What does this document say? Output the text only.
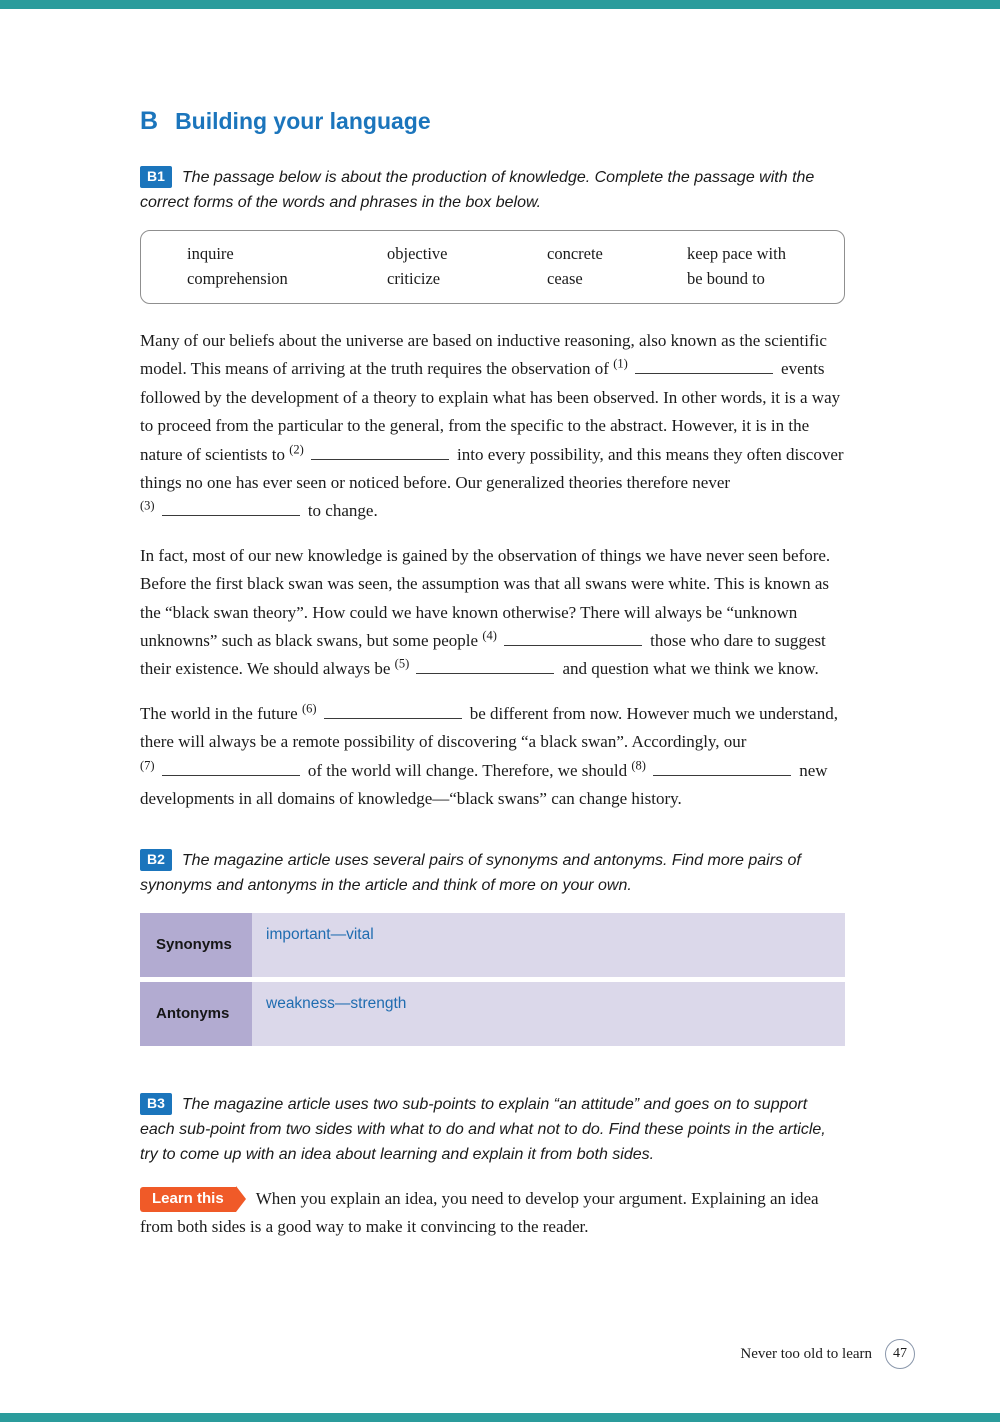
B Building your language

B1 The passage below is about the production of knowledge. Complete the passage with the correct forms of the words and phrases in the box below.

inquire	objective	concrete	keep pace with
comprehension	criticize	cease	be bound to

Many of our beliefs about the universe are based on inductive reasoning, also known as the scientific model. This means of arriving at the truth requires the observation of $^{(1)}$	events followed by the development of a theory to explain what has been observed. In other words, it is a way to proceed from the particular to the general, from the specific to the abstract. However, it is in the nature of scientists to $^{(2)}$	into every possibility, and this means they often discover things no one has ever seen or noticed before. Our generalized theories therefore never $^{(3)}$	to change.

In fact, most of our new knowledge is gained by the observation of things we have never seen before. Before the first black swan was seen, the assumption was that all swans were white. This is known as the “black swan theory”. How could we have known otherwise? There will always be “unknown unknowns” such as black swans, but some people $^{(4)}$	those who dare to suggest their existence. We should always be $^{(5)}$	and question what we think we know.

The world in the future $^{(6)}$	be different from now. However much we understand, there will always be a remote possibility of discovering “a black swan”. Accordingly, our $^{(7)}$	of the world will change. Therefore, we should $^{(8)}$	new developments in all domains of knowledge—“black swans” can change history.

B2 The magazine article uses several pairs of synonyms and antonyms. Find more pairs of synonyms and antonyms in the article and think of more on your own.

Synonyms
important—vital
Antonyms
weakness—strength

B3 The magazine article uses two sub-points to explain “an attitude” and goes on to support each sub-point from two sides with what to do and what not to do. Find these points in the article, try to come up with an idea about learning and explain it from both sides.

Learn this When you explain an idea, you need to develop your argument. Explaining an idea from both sides is a good way to make it convincing to the reader.

Never too old to learn	47
